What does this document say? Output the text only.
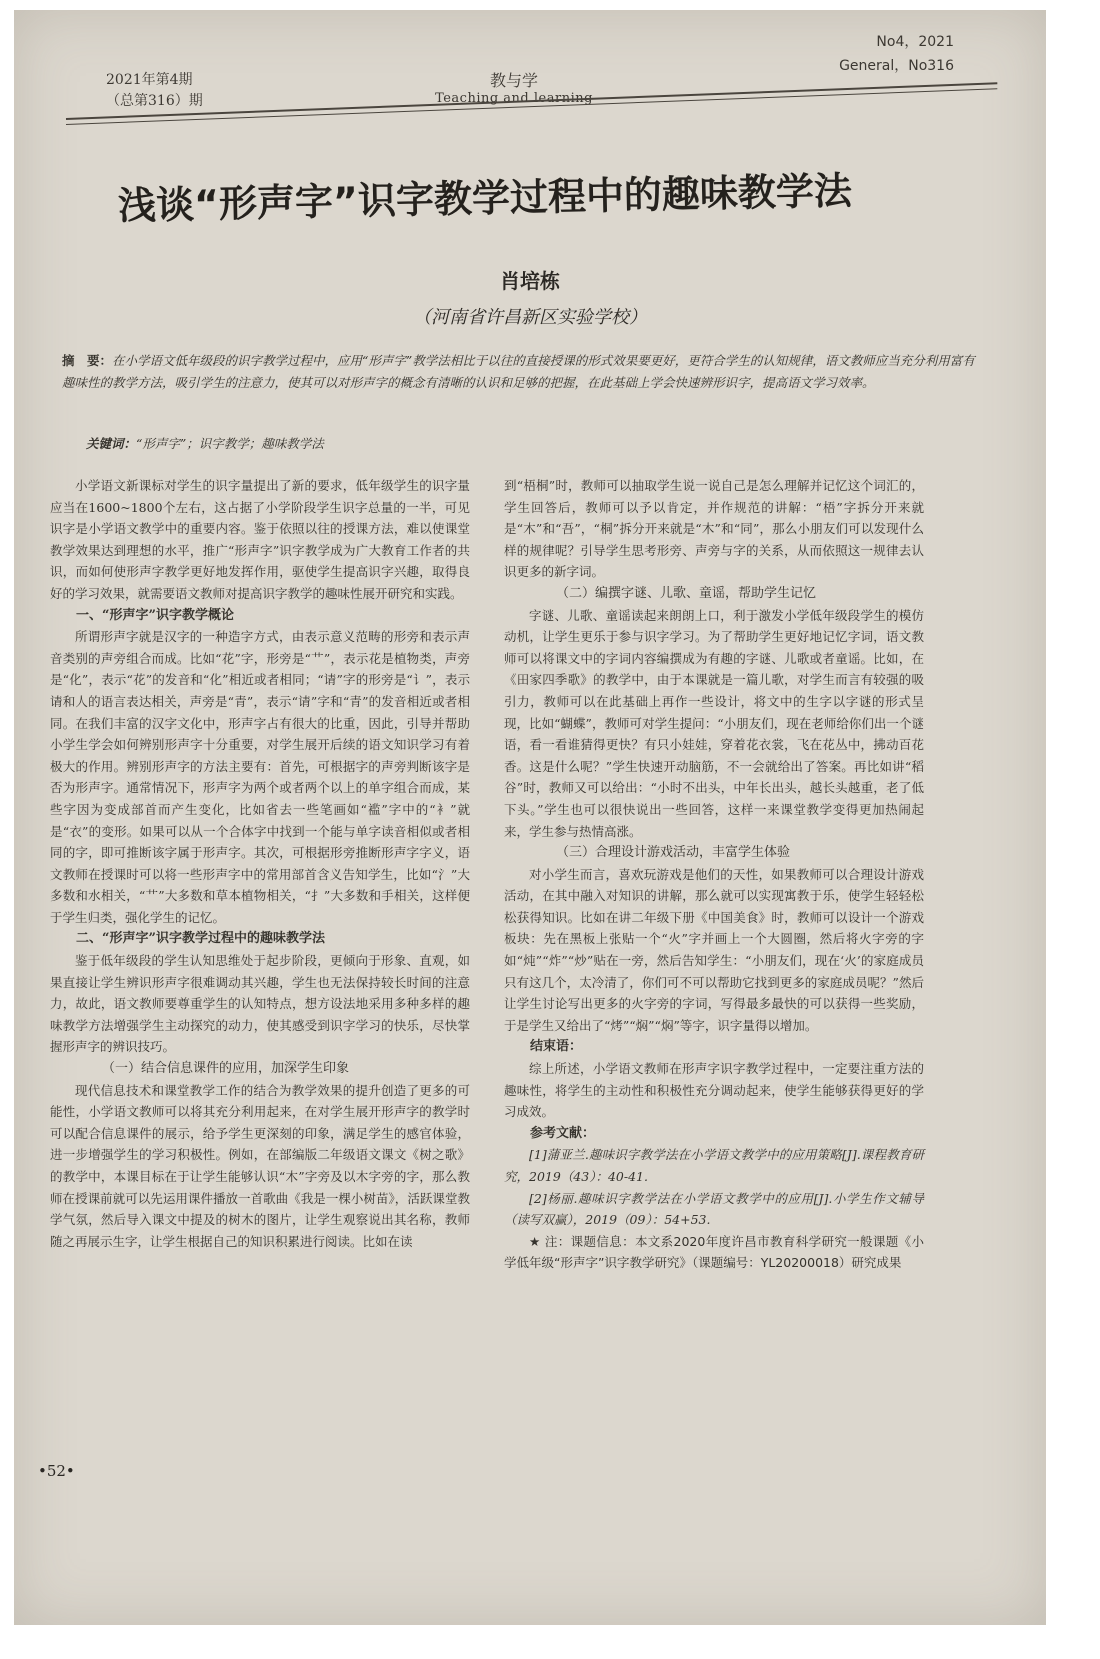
2021年第4期
（总第316）期
教与学
Teaching and learning
No4，2021
General，No316
浅谈“形声字”识字教学过程中的趣味教学法
肖培栋
（河南省许昌新区实验学校）
摘　要：在小学语文低年级段的识字教学过程中，应用“形声字”教学法相比于以往的直接授课的形式效果要更好，更符合学生的认知规律，语文教师应当充分利用富有趣味性的教学方法，吸引学生的注意力，使其可以对形声字的概念有清晰的认识和足够的把握，在此基础上学会快速辨形识字，提高语文学习效率。
关键词：“形声字”；识字教学；趣味教学法

小学语文新课标对学生的识字量提出了新的要求，低年级学生的识字量应当在1600~1800个左右，这占据了小学阶段学生识字总量的一半，可见识字是小学语文教学中的重要内容。鉴于依照以往的授课方法，难以使课堂教学效果达到理想的水平，推广“形声字”识字教学成为广大教育工作者的共识，而如何使形声字教学更好地发挥作用，驱使学生提高识字兴趣，取得良好的学习效果，就需要语文教师对提高识字教学的趣味性展开研究和实践。

一、“形声字”识字教学概论

所谓形声字就是汉字的一种造字方式，由表示意义范畴的形旁和表示声音类别的声旁组合而成。比如“花”字，形旁是“艹”，表示花是植物类，声旁是“化”，表示“花”的发音和“化”相近或者相同；“请”字的形旁是“讠”，表示请和人的语言表达相关，声旁是“青”，表示“请”字和“青”的发音相近或者相同。在我们丰富的汉字文化中，形声字占有很大的比重，因此，引导并帮助小学生学会如何辨别形声字十分重要，对学生展开后续的语文知识学习有着极大的作用。辨别形声字的方法主要有：首先，可根据字的声旁判断该字是否为形声字。通常情况下，形声字为两个或者两个以上的单字组合而成，某些字因为变成部首而产生变化，比如省去一些笔画如“褴”字中的“衤”就是“衣”的变形。如果可以从一个合体字中找到一个能与单字读音相似或者相同的字，即可推断该字属于形声字。其次，可根据形旁推断形声字字义，语文教师在授课时可以将一些形声字中的常用部首含义告知学生，比如“氵”大多数和水相关，“艹”大多数和草本植物相关，“扌”大多数和手相关，这样便于学生归类，强化学生的记忆。

二、“形声字”识字教学过程中的趣味教学法

鉴于低年级段的学生认知思维处于起步阶段，更倾向于形象、直观，如果直接让学生辨识形声字很难调动其兴趣，学生也无法保持较长时间的注意力，故此，语文教师要尊重学生的认知特点，想方设法地采用多种多样的趣味教学方法增强学生主动探究的动力，使其感受到识字学习的快乐，尽快掌握形声字的辨识技巧。

（一）结合信息课件的应用，加深学生印象

现代信息技术和课堂教学工作的结合为教学效果的提升创造了更多的可能性，小学语文教师可以将其充分利用起来，在对学生展开形声字的教学时可以配合信息课件的展示，给予学生更深刻的印象，满足学生的感官体验，进一步增强学生的学习积极性。例如，在部编版二年级语文课文《树之歌》的教学中，本课目标在于让学生能够认识“木”字旁及以木字旁的字，那么教师在授课前就可以先运用课件播放一首歌曲《我是一棵小树苗》，活跃课堂教学气氛，然后导入课文中提及的树木的图片，让学生观察说出其名称，教师随之再展示生字，让学生根据自己的知识积累进行阅读。比如在读

到“梧桐”时，教师可以抽取学生说一说自己是怎么理解并记忆这个词汇的，学生回答后，教师可以予以肯定，并作规范的讲解：“梧”字拆分开来就是“木”和“吾”，“桐”拆分开来就是“木”和“同”，那么小朋友们可以发现什么样的规律呢？引导学生思考形旁、声旁与字的关系，从而依照这一规律去认识更多的新字词。

（二）编撰字谜、儿歌、童谣，帮助学生记忆

字谜、儿歌、童谣读起来朗朗上口，利于激发小学低年级段学生的模仿动机，让学生更乐于参与识字学习。为了帮助学生更好地记忆字词，语文教师可以将课文中的字词内容编撰成为有趣的字谜、儿歌或者童谣。比如，在《田家四季歌》的教学中，由于本课就是一篇儿歌，对学生而言有较强的吸引力，教师可以在此基础上再作一些设计，将文中的生字以字谜的形式呈现，比如“蝴蝶”，教师可对学生提问：“小朋友们，现在老师给你们出一个谜语，看一看谁猜得更快？有只小娃娃，穿着花衣裳，飞在花丛中，拂动百花香。这是什么呢？”学生快速开动脑筋，不一会就给出了答案。再比如讲“稻谷”时，教师又可以给出：“小时不出头，中年长出头，越长头越重，老了低下头。”学生也可以很快说出一些回答，这样一来课堂教学变得更加热闹起来，学生参与热情高涨。

（三）合理设计游戏活动，丰富学生体验

对小学生而言，喜欢玩游戏是他们的天性，如果教师可以合理设计游戏活动，在其中融入对知识的讲解，那么就可以实现寓教于乐，使学生轻轻松松获得知识。比如在讲二年级下册《中国美食》时，教师可以设计一个游戏板块：先在黑板上张贴一个“火”字并画上一个大圆圈，然后将火字旁的字如“炖”“炸”“炒”贴在一旁，然后告知学生：“小朋友们，现在‘火’的家庭成员只有这几个，太冷清了，你们可不可以帮助它找到更多的家庭成员呢？”然后让学生讨论写出更多的火字旁的字词，写得最多最快的可以获得一些奖励，于是学生又给出了“烤”“焖”“焖”等字，识字量得以增加。

结束语：

综上所述，小学语文教师在形声字识字教学过程中，一定要注重方法的趣味性，将学生的主动性和积极性充分调动起来，使学生能够获得更好的学习成效。

参考文献：

[1]蒲亚兰.趣味识字教学法在小学语文教学中的应用策略[J].课程教育研究，2019（43）：40-41.

[2]杨丽.趣味识字教学法在小学语文教学中的应用[J].小学生作文辅导（读写双赢），2019（09）：54+53.

★ 注：课题信息：本文系2020年度许昌市教育科学研究一般课题《小学低年级“形声字”识字教学研究》（课题编号：YL20200018）研究成果

•52•
